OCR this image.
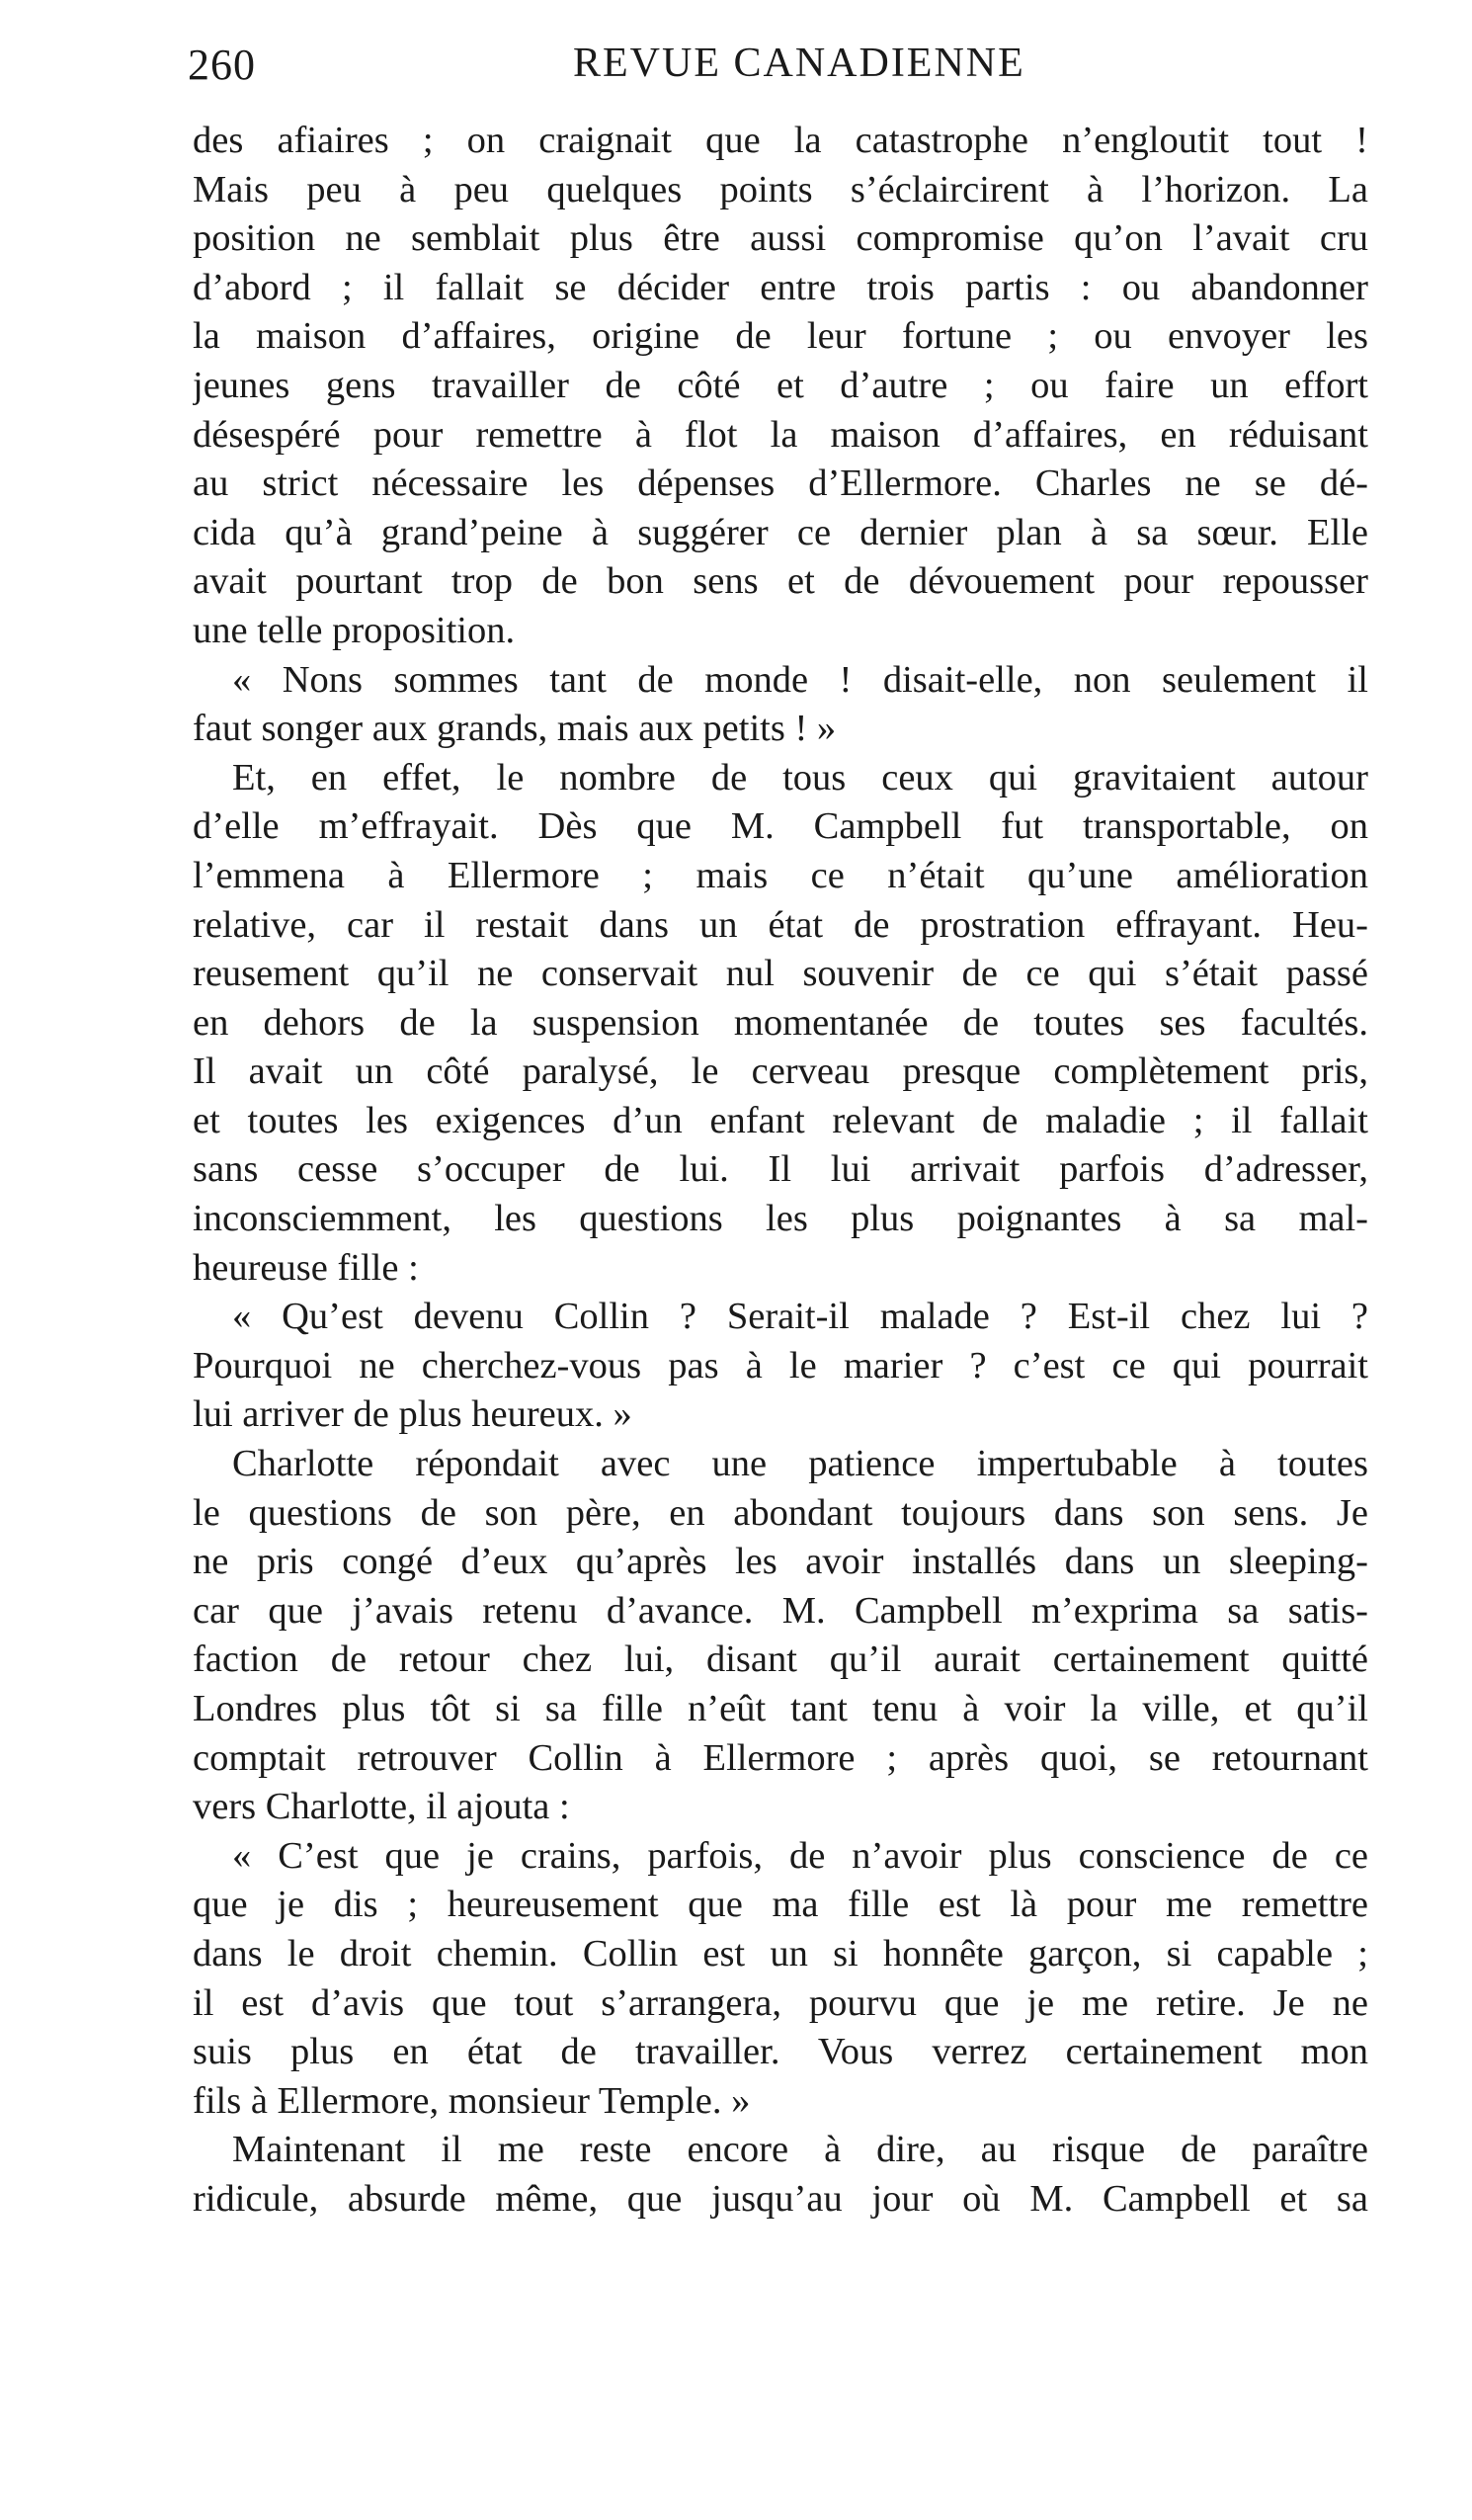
260	REVUE CANADIENNE
des afiaires ; on craignait que la catastrophe n’engloutit tout !
Mais peu à peu quelques points s’éclaircirent à l’horizon. La
position ne semblait plus être aussi compromise qu’on l’avait cru
d’abord ; il fallait se décider entre trois partis : ou abandonner
la maison d’affaires, origine de leur fortune ; ou envoyer les
jeunes gens travailler de côté et d’autre ; ou faire un effort
désespéré pour remettre à flot la maison d’affaires, en réduisant
au strict nécessaire les dépenses d’Ellermore. Charles ne se dé-
cida qu’à grand’peine à suggérer ce dernier plan à sa sœur. Elle
avait pourtant trop de bon sens et de dévouement pour repousser
une telle proposition.
« Nons sommes tant de monde ! disait-elle, non seulement il
faut songer aux grands, mais aux petits ! »
Et, en effet, le nombre de tous ceux qui gravitaient autour
d’elle m’effrayait. Dès que M. Campbell fut transportable, on
l’emmena à Ellermore ; mais ce n’était qu’une amélioration
relative, car il restait dans un état de prostration effrayant. Heu-
reusement qu’il ne conservait nul souvenir de ce qui s’était passé
en dehors de la suspension momentanée de toutes ses facultés.
Il avait un côté paralysé, le cerveau presque complètement pris,
et toutes les exigences d’un enfant relevant de maladie ; il fallait
sans cesse s’occuper de lui. Il lui arrivait parfois d’adresser,
inconsciemment, les questions les plus poignantes à sa mal-
heureuse fille :
« Qu’est devenu Collin ? Serait-il malade ? Est-il chez lui ?
Pourquoi ne cherchez-vous pas à le marier ? c’est ce qui pourrait
lui arriver de plus heureux. »
Charlotte répondait avec une patience impertubable à toutes
le questions de son père, en abondant toujours dans son sens. Je
ne pris congé d’eux qu’après les avoir installés dans un sleeping-
car que j’avais retenu d’avance. M. Campbell m’exprima sa satis-
faction de retour chez lui, disant qu’il aurait certainement quitté
Londres plus tôt si sa fille n’eût tant tenu à voir la ville, et qu’il
comptait retrouver Collin à Ellermore ; après quoi, se retournant
vers Charlotte, il ajouta :
« C’est que je crains, parfois, de n’avoir plus conscience de ce
que je dis ; heureusement que ma fille est là pour me remettre
dans le droit chemin. Collin est un si honnête garçon, si capable ;
il est d’avis que tout s’arrangera, pourvu que je me retire. Je ne
suis plus en état de travailler. Vous verrez certainement mon
fils à Ellermore, monsieur Temple. »
Maintenant il me reste encore à dire, au risque de paraître
ridicule, absurde même, que jusqu’au jour où M. Campbell et sa
